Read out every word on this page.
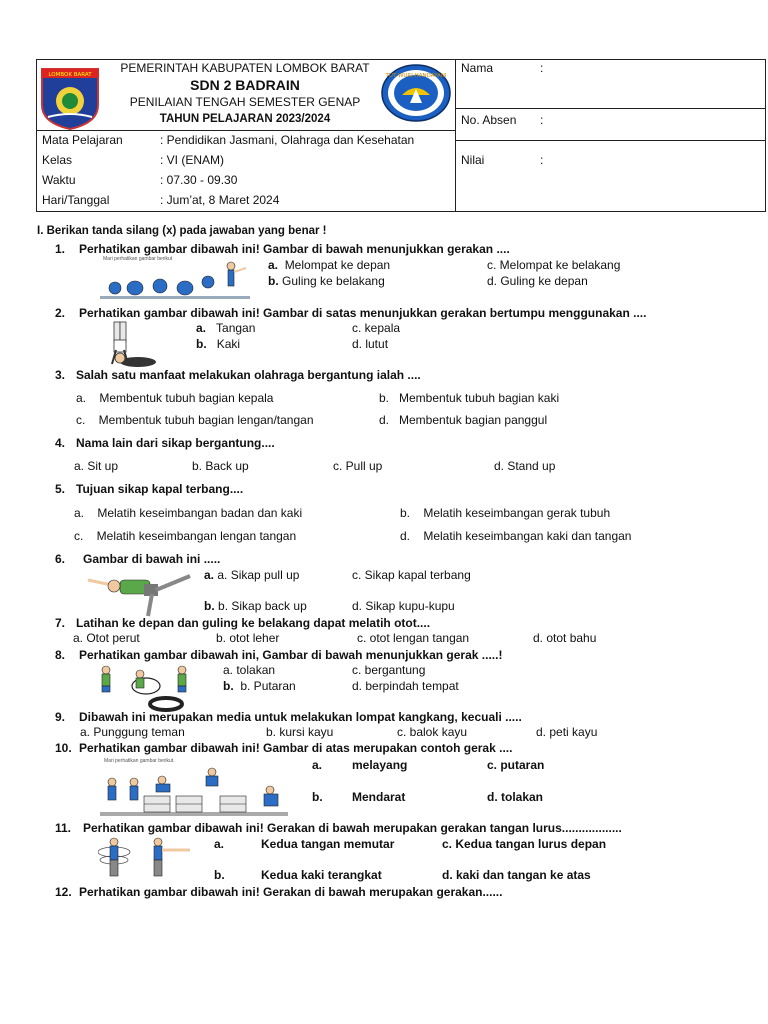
LOMBOK BARAT	PEMERINTAH KABUPATEN LOMBOK BARAT
SDN 2 BADRAIN
PENILAIAN TENGAH SEMESTER GENAP
TAHUN PELAJARAN 2023/2024
TUT WURI HANDAYANI
Mata Pelajaran	: Pendidikan Jasmani, Olahraga dan Kesehatan
Kelas	: VI (ENAM)
Waktu	: 07.30 - 09.30
Hari/Tanggal	: Jum’at, 8 Maret 2024
Nama	:
No. Absen :
Nilai	:
I. Berikan tanda silang (x) pada jawaban yang benar !
1. Perhatikan gambar dibawah ini! Gambar di bawah menunjukkan gerakan ....
Mari perhatikan gambar berikut	a. Melompat ke depan
b. Guling ke belakang
c. Melompat ke belakang
d. Guling ke depan
2. Perhatikan gambar dibawah ini! Gambar di satas menunjukkan gerakan bertumpu menggunakan ....
a. Tangan
b. Kaki
c. kepala
d. lutut
3. Salah satu manfaat melakukan olahraga bergantung ialah ....
a.    Membentuk tubuh bagian kepala	b.   Membentuk tubuh bagian kaki
c.    Membentuk tubuh bagian lengan/tangan	d.   Membentuk bagian panggul
4. Nama lain dari sikap bergantung....
a. Sit up	b. Back up	c. Pull up	d. Stand up
5. Tujuan sikap kapal terbang....
a.    Melatih keseimbangan badan dan kaki	b.    Melatih keseimbangan gerak tubuh
c.    Melatih keseimbangan lengan tangan	d.    Melatih keseimbangan kaki dan tangan
6. Gambar di bawah ini .....
a. a. Sikap pull up
b. b. Sikap back up
c. Sikap kapal terbang
d. Sikap kupu-kupu
7. Latihan ke depan dan guling ke belakang dapat melatih otot....
a. Otot perut	b. otot leher	c. otot lengan tangan	d. otot bahu
8. Perhatikan gambar dibawah ini, Gambar di bawah menunjukkan gerak .....!
a. tolakan
b. b. Putaran
c. bergantung
d. berpindah tempat
9. Dibawah ini merupakan media untuk melakukan lompat kangkang, kecuali .....
a. Punggung teman	b. kursi kayu	c. balok kayu	d. peti kayu
10. Perhatikan gambar dibawah ini! Gambar di atas merupakan contoh gerak ....
Mari perhatikan gambar berikut.	a. melayang
b. Mendarat
c. putaran
d. tolakan
11. Perhatikan gambar dibawah ini! Gerakan di bawah merupakan gerakan tangan lurus..................
a.	Kedua tangan memutar
b.	Kedua kaki terangkat
c. Kedua tangan lurus depan
d. kaki dan tangan ke atas
12. Perhatikan gambar dibawah ini! Gerakan di bawah merupakan gerakan......
